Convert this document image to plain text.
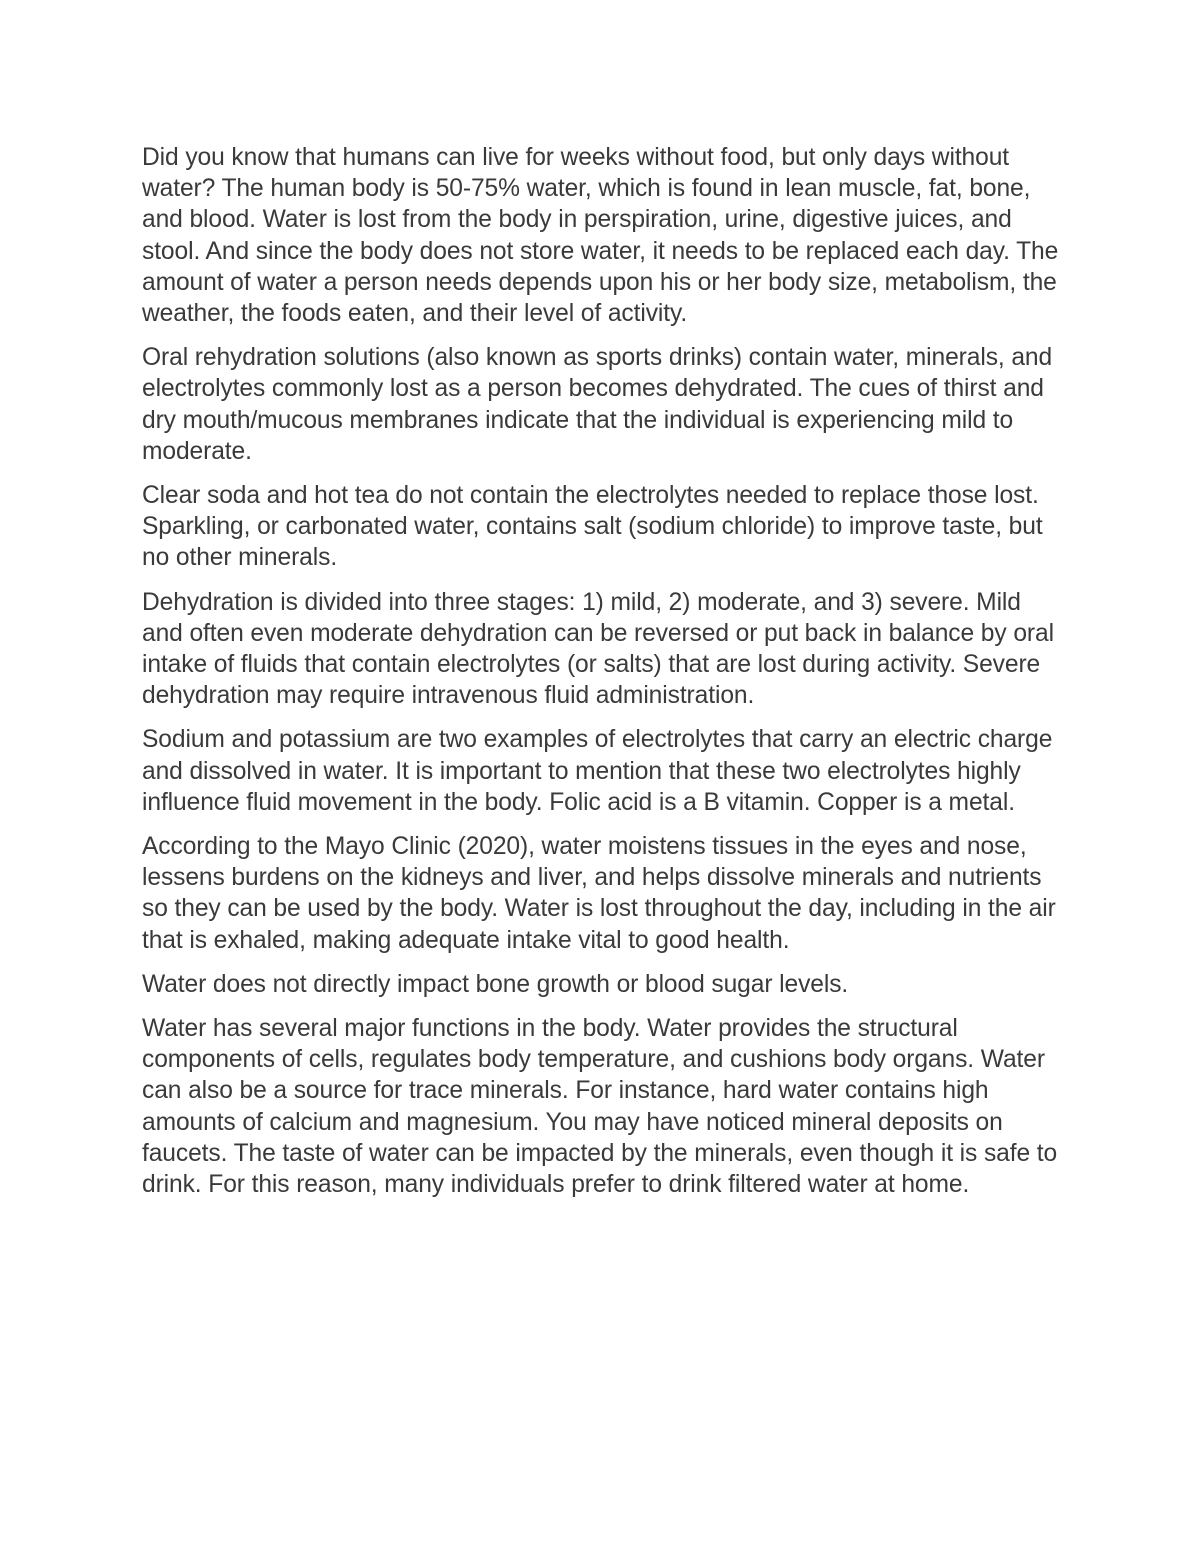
Did you know that humans can live for weeks without food, but only days without water? The human body is 50-75% water, which is found in lean muscle, fat, bone, and blood. Water is lost from the body in perspiration, urine, digestive juices, and stool. And since the body does not store water, it needs to be replaced each day. The amount of water a person needs depends upon his or her body size, metabolism, the weather, the foods eaten, and their level of activity.

Oral rehydration solutions (also known as sports drinks) contain water, minerals, and electrolytes commonly lost as a person becomes dehydrated. The cues of thirst and dry mouth/mucous membranes indicate that the individual is experiencing mild to moderate.

Clear soda and hot tea do not contain the electrolytes needed to replace those lost. Sparkling, or carbonated water, contains salt (sodium chloride) to improve taste, but no other minerals.

Dehydration is divided into three stages: 1) mild, 2) moderate, and 3) severe. Mild and often even moderate dehydration can be reversed or put back in balance by oral intake of fluids that contain electrolytes (or salts) that are lost during activity. Severe dehydration may require intravenous fluid administration.

Sodium and potassium are two examples of electrolytes that carry an electric charge and dissolved in water. It is important to mention that these two electrolytes highly influence fluid movement in the body. Folic acid is a B vitamin. Copper is a metal.

According to the Mayo Clinic (2020), water moistens tissues in the eyes and nose, lessens burdens on the kidneys and liver, and helps dissolve minerals and nutrients so they can be used by the body. Water is lost throughout the day, including in the air that is exhaled, making adequate intake vital to good health.

Water does not directly impact bone growth or blood sugar levels.

Water has several major functions in the body. Water provides the structural components of cells, regulates body temperature, and cushions body organs. Water can also be a source for trace minerals. For instance, hard water contains high amounts of calcium and magnesium. You may have noticed mineral deposits on faucets. The taste of water can be impacted by the minerals, even though it is safe to drink. For this reason, many individuals prefer to drink filtered water at home.
